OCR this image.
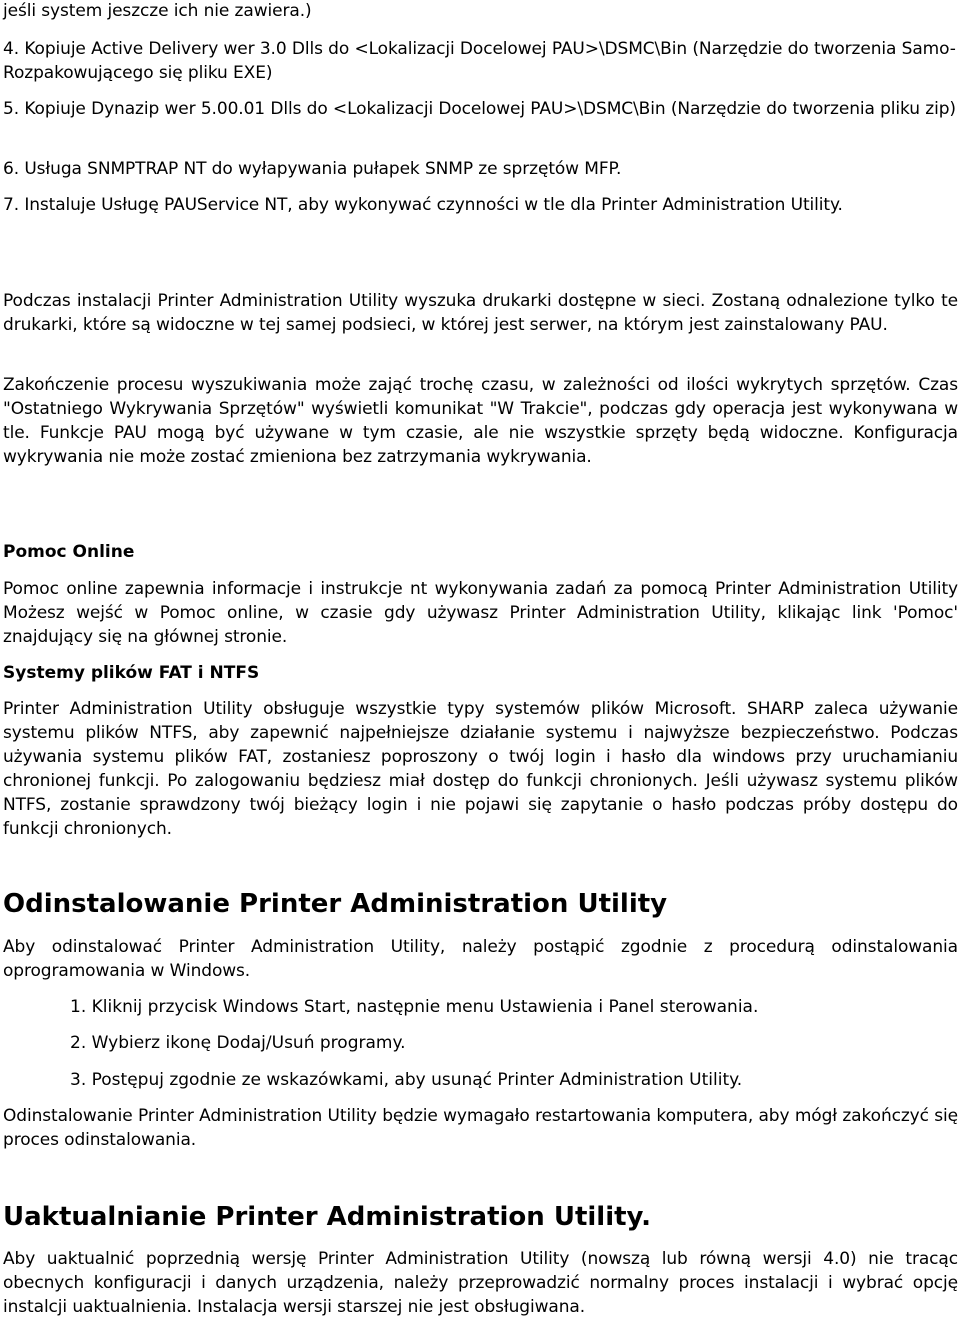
jeśli system jeszcze ich nie zawiera.)

4. Kopiuje Active Delivery wer 3.0 Dlls do <Lokalizacji Docelowej PAU>\DSMC\Bin (Narzędzie do tworzenia Samo-Rozpakowującego się pliku EXE)

5. Kopiuje Dynazip wer 5.00.01 Dlls do <Lokalizacji Docelowej PAU>\DSMC\Bin (Narzędzie do tworzenia pliku zip)

6. Usługa SNMPTRAP NT do wyłapywania pułapek SNMP ze sprzętów MFP.

7. Instaluje Usługę PAUService NT, aby wykonywać czynności w tle dla Printer Administration Utility.

Podczas instalacji Printer Administration Utility wyszuka drukarki dostępne w sieci. Zostaną odnalezione tylko te drukarki, które są widoczne w tej samej podsieci, w której jest serwer, na którym jest zainstalowany PAU.

Zakończenie procesu wyszukiwania może zająć trochę czasu, w zależności od ilości wykrytych sprzętów. Czas "Ostatniego Wykrywania Sprzętów" wyświetli komunikat "W Trakcie", podczas gdy operacja jest wykonywana w tle. Funkcje PAU mogą być używane w tym czasie, ale nie wszystkie sprzęty będą widoczne. Konfiguracja wykrywania nie może zostać zmieniona bez zatrzymania wykrywania.

Pomoc Online

Pomoc online zapewnia informacje i instrukcje nt wykonywania zadań za pomocą Printer Administration Utility Możesz wejść w Pomoc online, w czasie gdy używasz Printer Administration Utility, klikając link 'Pomoc' znajdujący się na głównej stronie.

Systemy plików FAT i NTFS

Printer Administration Utility obsługuje wszystkie typy systemów plików Microsoft. SHARP zaleca używanie systemu plików NTFS, aby zapewnić najpełniejsze działanie systemu i najwyższe bezpieczeństwo. Podczas używania systemu plików FAT, zostaniesz poproszony o twój login i hasło dla windows przy uruchamianiu chronionej funkcji. Po zalogowaniu będziesz miał dostęp do funkcji chronionych. Jeśli używasz systemu plików NTFS, zostanie sprawdzony twój bieżący login i nie pojawi się zapytanie o hasło podczas próby dostępu do funkcji chronionych.

Odinstalowanie Printer Administration Utility

Aby odinstalować Printer Administration Utility, należy postąpić zgodnie z procedurą odinstalowania oprogramowania w Windows.

1. Kliknij przycisk Windows Start, następnie menu Ustawienia i Panel sterowania.

2. Wybierz ikonę Dodaj/Usuń programy.

3. Postępuj zgodnie ze wskazówkami, aby usunąć Printer Administration Utility.

Odinstalowanie Printer Administration Utility będzie wymagało restartowania komputera, aby mógł zakończyć się proces odinstalowania.

Uaktualnianie Printer Administration Utility.

Aby uaktualnić poprzednią wersję Printer Administration Utility (nowszą lub równą wersji 4.0) nie tracąc obecnych konfiguracji i danych urządzenia, należy przeprowadzić normalny proces instalacji i wybrać opcję instalcji uaktualnienia. Instalacja wersji starszej nie jest obsługiwana.
